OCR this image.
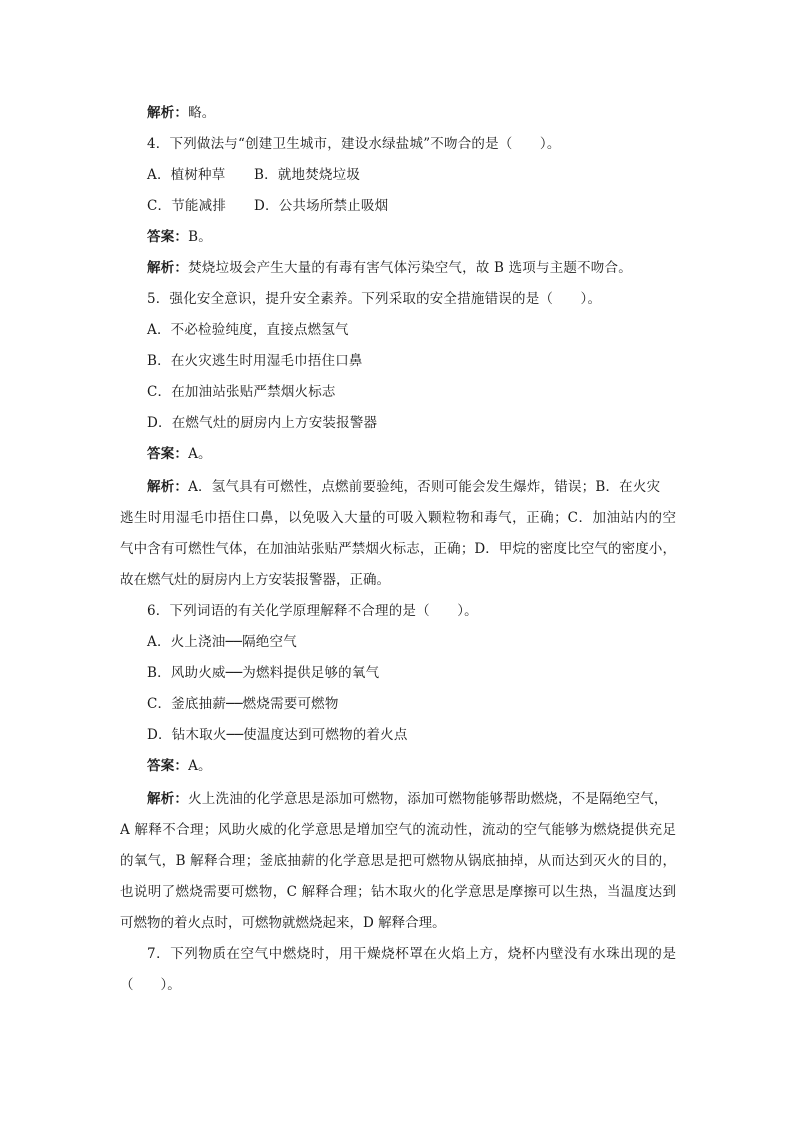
解析：略。
4．下列做法与“创建卫生城市，建设水绿盐城”不吻合的是（　　）。
A．植树种草 B．就地焚烧垃圾
C．节能减排 D．公共场所禁止吸烟
答案：B。
解析：焚烧垃圾会产生大量的有毒有害气体污染空气，故 B 选项与主题不吻合。
5．强化安全意识，提升安全素养。下列采取的安全措施错误的是（　　）。
A．不必检验纯度，直接点燃氢气
B．在火灾逃生时用湿毛巾捂住口鼻
C．在加油站张贴严禁烟火标志
D．在燃气灶的厨房内上方安装报警器
答案：A。
解析：A．氢气具有可燃性，点燃前要验纯，否则可能会发生爆炸，错误；B．在火灾
逃生时用湿毛巾捂住口鼻，以免吸入大量的可吸入颗粒物和毒气，正确；C．加油站内的空
气中含有可燃性气体，在加油站张贴严禁烟火标志，正确；D．甲烷的密度比空气的密度小，
故在燃气灶的厨房内上方安装报警器，正确。
6．下列词语的有关化学原理解释不合理的是（　　）。
A．火上浇油──隔绝空气
B．风助火威──为燃料提供足够的氧气
C．釜底抽薪──燃烧需要可燃物
D．钻木取火──使温度达到可燃物的着火点
答案：A。
解析：火上洗油的化学意思是添加可燃物，添加可燃物能够帮助燃烧，不是隔绝空气，
A 解释不合理；风助火威的化学意思是增加空气的流动性，流动的空气能够为燃烧提供充足
的氧气，B 解释合理；釜底抽薪的化学意思是把可燃物从锅底抽掉，从而达到灭火的目的，
也说明了燃烧需要可燃物，C 解释合理；钻木取火的化学意思是摩擦可以生热，当温度达到
可燃物的着火点时，可燃物就燃烧起来，D 解释合理。
7．下列物质在空气中燃烧时，用干燥烧杯罩在火焰上方，烧杯内壁没有水珠出现的是
（　　）。
